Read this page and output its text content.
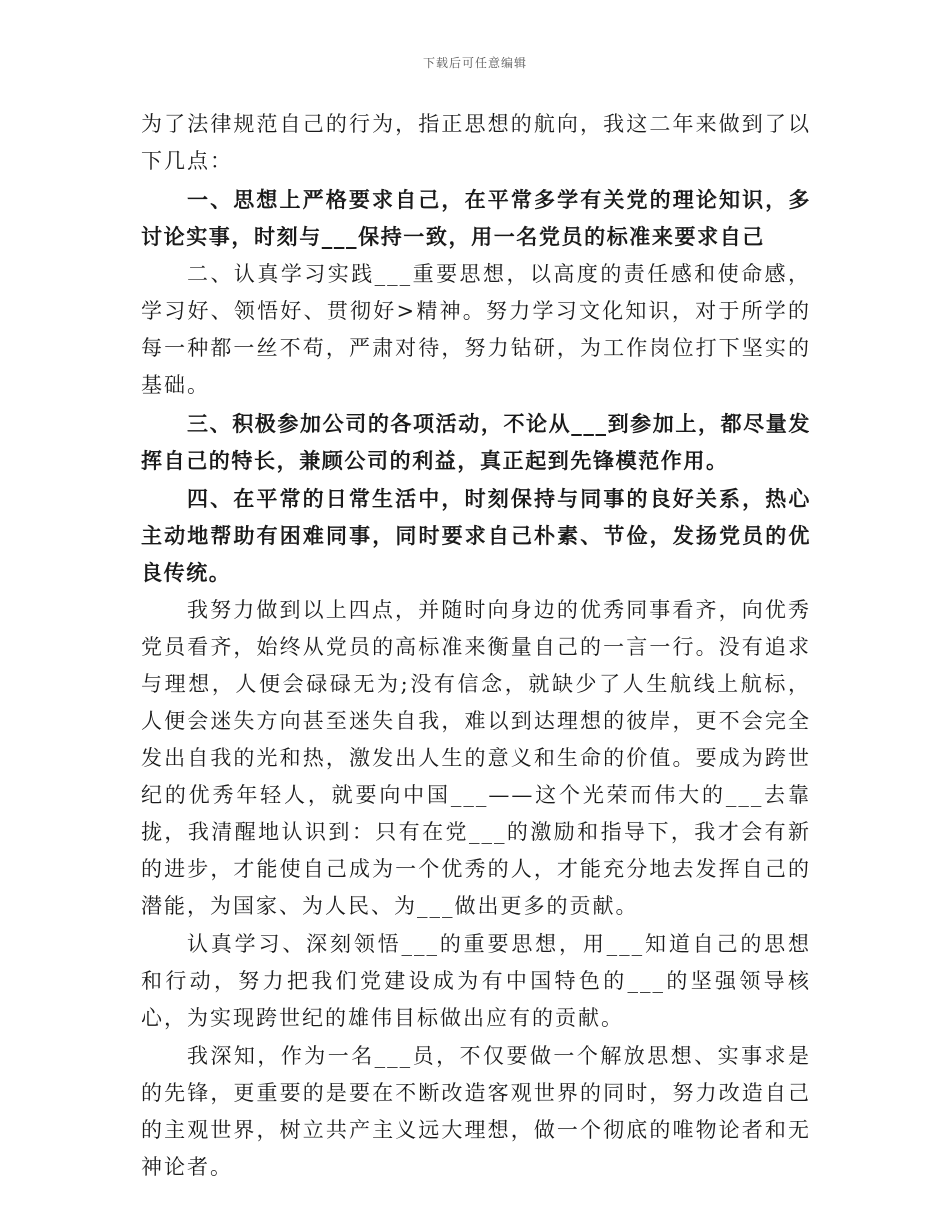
下载后可任意编辑

为了法律规范自己的行为，指正思想的航向，我这二年来做到了以下几点：

一、思想上严格要求自己，在平常多学有关党的理论知识，多讨论实事，时刻与___保持一致，用一名党员的标准来要求自己

二、认真学习实践___重要思想，以高度的责任感和使命感，学习好、领悟好、贯彻好>精神。努力学习文化知识，对于所学的每一种都一丝不苟，严肃对待，努力钻研，为工作岗位打下坚实的基础。

三、积极参加公司的各项活动，不论从___到参加上，都尽量发挥自己的特长，兼顾公司的利益，真正起到先锋模范作用。

四、在平常的日常生活中，时刻保持与同事的良好关系，热心主动地帮助有困难同事，同时要求自己朴素、节俭，发扬党员的优良传统。

我努力做到以上四点，并随时向身边的优秀同事看齐，向优秀党员看齐，始终从党员的高标准来衡量自己的一言一行。没有追求与理想，人便会碌碌无为;没有信念，就缺少了人生航线上航标，人便会迷失方向甚至迷失自我，难以到达理想的彼岸，更不会完全发出自我的光和热，激发出人生的意义和生命的价值。要成为跨世纪的优秀年轻人，就要向中国___——这个光荣而伟大的___去靠拢，我清醒地认识到：只有在党___的激励和指导下，我才会有新的进步，才能使自己成为一个优秀的人，才能充分地去发挥自己的潜能，为国家、为人民、为___做出更多的贡献。

认真学习、深刻领悟___的重要思想，用___知道自己的思想和行动，努力把我们党建设成为有中国特色的___的坚强领导核心，为实现跨世纪的雄伟目标做出应有的贡献。

我深知，作为一名___员，不仅要做一个解放思想、实事求是的先锋，更重要的是要在不断改造客观世界的同时，努力改造自己的主观世界，树立共产主义远大理想，做一个彻底的唯物论者和无神论者。
